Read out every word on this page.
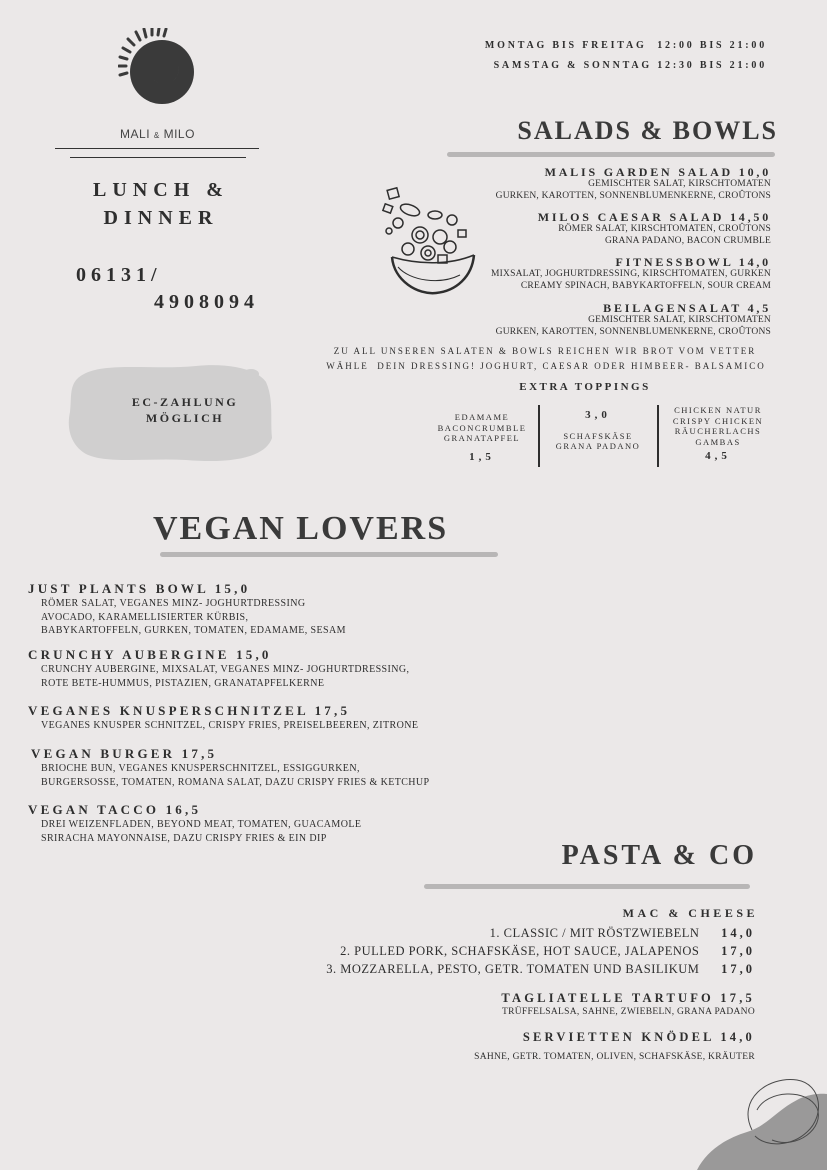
MALI & MILO
LUNCH &
DINNER
06131/
4908094
EC-ZAHLUNG
MÖGLICH
MONTAG BIS FREITAG  12:00 BIS 21:00
SAMSTAG & SONNTAG 12:30 BIS 21:00
SALADS & BOWLS
MALIS GARDEN SALAD 10,0
GEMISCHTER SALAT, KIRSCHTOMATEN
GURKEN, KAROTTEN, SONNENBLUMENKERNE, CROÛTONS
MILOS CAESAR SALAD 14,50
RÖMER SALAT, KIRSCHTOMATEN, CROÛTONS
GRANA PADANO, BACON CRUMBLE
FITNESSBOWL 14,0
MIXSALAT, JOGHURTDRESSING, KIRSCHTOMATEN, GURKEN
CREAMY SPINACH, BABYKARTOFFELN, SOUR CREAM
BEILAGENSALAT 4,5
GEMISCHTER SALAT, KIRSCHTOMATEN
GURKEN, KAROTTEN, SONNENBLUMENKERNE, CROÛTONS
ZU ALL UNSEREN SALATEN & BOWLS REICHEN WIR BROT VOM VETTER
WÄHLE  DEIN DRESSING! JOGHURT, CAESAR ODER HIMBEER- BALSAMICO
EXTRA TOPPINGS
EDAMAME
BACONCRUMBLE
GRANATAPFEL
1,5
3,0
SCHAFSKÄSE
GRANA PADANO
CHICKEN NATUR
CRISPY CHICKEN
RÄUCHERLACHS
GAMBAS
4,5
VEGAN LOVERS
JUST PLANTS BOWL 15,0
RÖMER SALAT, VEGANES MINZ- JOGHURTDRESSING
AVOCADO, KARAMELLISIERTER KÜRBIS,
BABYKARTOFFELN, GURKEN, TOMATEN, EDAMAME, SESAM
CRUNCHY AUBERGINE 15,0
CRUNCHY AUBERGINE, MIXSALAT, VEGANES MINZ- JOGHURTDRESSING,
ROTE BETE-HUMMUS, PISTAZIEN, GRANATAPFELKERNE
VEGANES KNUSPERSCHNITZEL 17,5
VEGANES KNUSPER SCHNITZEL, CRISPY FRIES, PREISELBEEREN, ZITRONE
VEGAN BURGER 17,5
BRIOCHE BUN, VEGANES KNUSPERSCHNITZEL, ESSIGGURKEN,
BURGERSOSSE, TOMATEN, ROMANA SALAT, DAZU CRISPY FRIES & KETCHUP
VEGAN TACCO 16,5
DREI WEIZENFLADEN, BEYOND MEAT, TOMATEN, GUACAMOLE
SRIRACHA MAYONNAISE, DAZU CRISPY FRIES & EIN DIP
PASTA & CO
MAC & CHEESE
1. CLASSIC / MIT RÖSTZWIEBELN 14,0
2. PULLED PORK, SCHAFSKÄSE, HOT SAUCE, JALAPENOS 17,0
3. MOZZARELLA, PESTO, GETR. TOMATEN UND BASILIKUM 17,0
TAGLIATELLE TARTUFO 17,5
TRÜFFELSALSA, SAHNE, ZWIEBELN, GRANA PADANO
SERVIETTEN KNÖDEL 14,0
SAHNE, GETR. TOMATEN, OLIVEN, SCHAFSKÄSE, KRÄUTER
